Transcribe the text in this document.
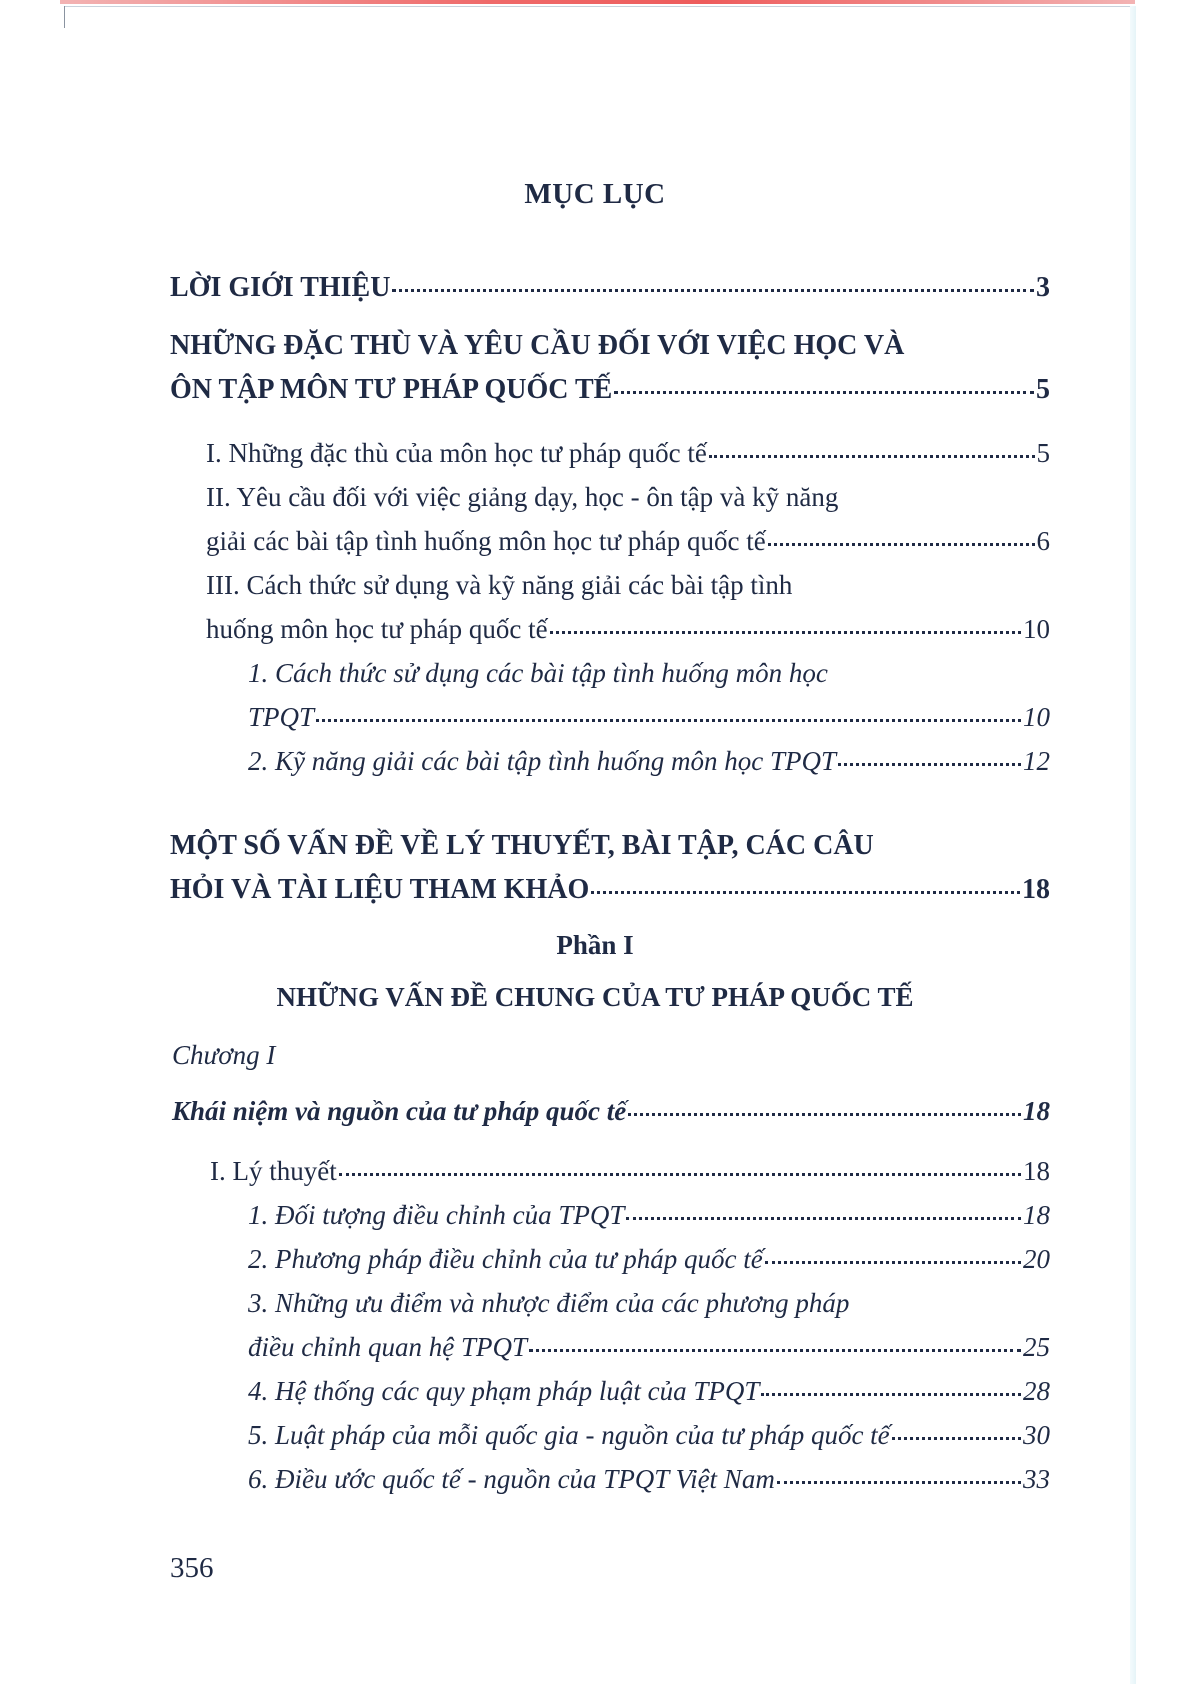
MỤC LỤC
LỜI GIỚI THIỆU	3
NHỮNG ĐẶC THÙ VÀ YÊU CẦU ĐỐI VỚI VIỆC HỌC VÀ
ÔN TẬP MÔN TƯ PHÁP QUỐC TẾ	5
I. Những đặc thù của môn học tư pháp quốc tế	5
II. Yêu cầu đối với việc giảng dạy, học - ôn tập và kỹ năng
giải các bài tập tình huống môn học tư pháp quốc tế	6
III. Cách thức sử dụng và kỹ năng giải các bài tập tình
huống môn học tư pháp quốc tế	10
1. Cách thức sử dụng các bài tập tình huống môn học
TPQT	10
2. Kỹ năng giải các bài tập tình huống môn học TPQT	12
MỘT SỐ VẤN ĐỀ VỀ LÝ THUYẾT, BÀI TẬP, CÁC CÂU
HỎI VÀ TÀI LIỆU THAM KHẢO	18
Phần I
NHỮNG VẤN ĐỀ CHUNG CỦA TƯ PHÁP QUỐC TẾ
Chương I
Khái niệm và nguồn của tư pháp quốc tế	18
I. Lý thuyết	18
1. Đối tượng điều chỉnh của TPQT	18
2. Phương pháp điều chỉnh của tư pháp quốc tế	20
3. Những ưu điểm và nhược điểm của các phương pháp
điều chỉnh quan hệ TPQT	25
4. Hệ thống các quy phạm pháp luật của TPQT	28
5. Luật pháp của mỗi quốc gia - nguồn của tư pháp quốc tế	30
6. Điều ước quốc tế - nguồn của TPQT Việt Nam	33
356
